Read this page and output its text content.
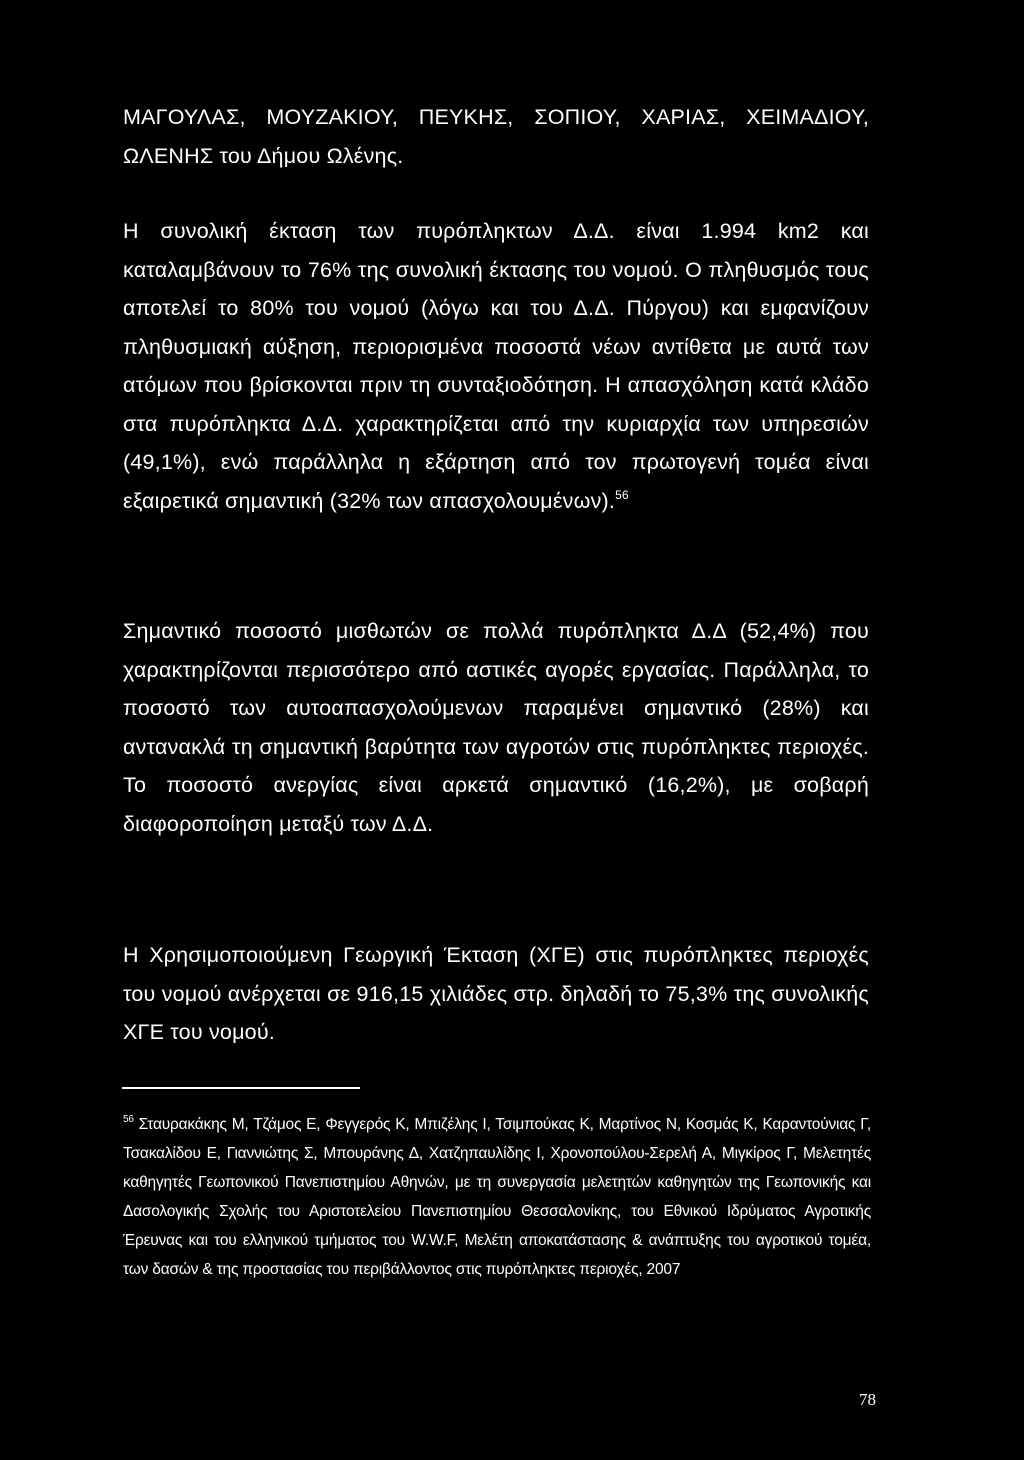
ΜΑΓΟΥΛΑΣ, ΜΟΥΖΑΚΙΟΥ, ΠΕΥΚΗΣ, ΣΟΠΙΟΥ, ΧΑΡΙΑΣ, ΧΕΙΜΑΔΙΟΥ, ΩΛΕΝΗΣ του Δήμου Ωλένης.

Η συνολική έκταση των πυρόπληκτων Δ.Δ. είναι 1.994 km2 και καταλαμβάνουν το 76% της συνολική έκτασης του νομού. Ο πληθυσμός τους αποτελεί το 80% του νομού (λόγω και του Δ.Δ. Πύργου) και εμφανίζουν πληθυσμιακή αύξηση, περιορισμένα ποσοστά νέων αντίθετα με αυτά των ατόμων που βρίσκονται πριν τη συνταξιοδότηση. Η απασχόληση κατά κλάδο στα πυρόπληκτα Δ.Δ. χαρακτηρίζεται από την κυριαρχία των υπηρεσιών (49,1%), ενώ παράλληλα η εξάρτηση από τον πρωτογενή τομέα είναι εξαιρετικά σημαντική (32% των απασχολουμένων).$^{56}$

Σημαντικό ποσοστό μισθωτών σε πολλά πυρόπληκτα Δ.Δ (52,4%) που χαρακτηρίζονται περισσότερο από αστικές αγορές εργασίας. Παράλληλα, το ποσοστό των αυτοαπασχολούμενων παραμένει σημαντικό (28%) και αντανακλά τη σημαντική βαρύτητα των αγροτών στις πυρόπληκτες περιοχές. Το ποσοστό ανεργίας είναι αρκετά σημαντικό (16,2%), με σοβαρή διαφοροποίηση μεταξύ των Δ.Δ.

Η Χρησιμοποιούμενη Γεωργική Έκταση (ΧΓΕ) στις πυρόπληκτες περιοχές του νομού ανέρχεται σε 916,15 χιλιάδες στρ. δηλαδή το 75,3% της συνολικής ΧΓΕ του νομού.

$^{56}$ Σταυρακάκης Μ, Τζάμος Ε, Φεγγερός Κ, Μπιζέλης Ι, Τσιμπούκας Κ, Μαρτίνος Ν, Κοσμάς Κ, Καραντούνιας Γ, Τσακαλίδου Ε, Γιαννιώτης Σ, Μπουράνης Δ, Χατζηπαυλίδης Ι, Χρονοπούλου-Σερελή Α, Μιγκίρος Γ, Μελετητές καθηγητές Γεωπονικού Πανεπιστημίου Αθηνών, με τη συνεργασία μελετητών καθηγητών της Γεωπονικής και Δασολογικής Σχολής του Αριστοτελείου Πανεπιστημίου Θεσσαλονίκης, του Εθνικού Ιδρύματος Αγροτικής Έρευνας και του ελληνικού τμήματος του W.W.F, Μελέτη αποκατάστασης & ανάπτυξης του αγροτικού τομέα, των δασών & της προστασίας του περιβάλλοντος στις πυρόπληκτες περιοχές, 2007
78
